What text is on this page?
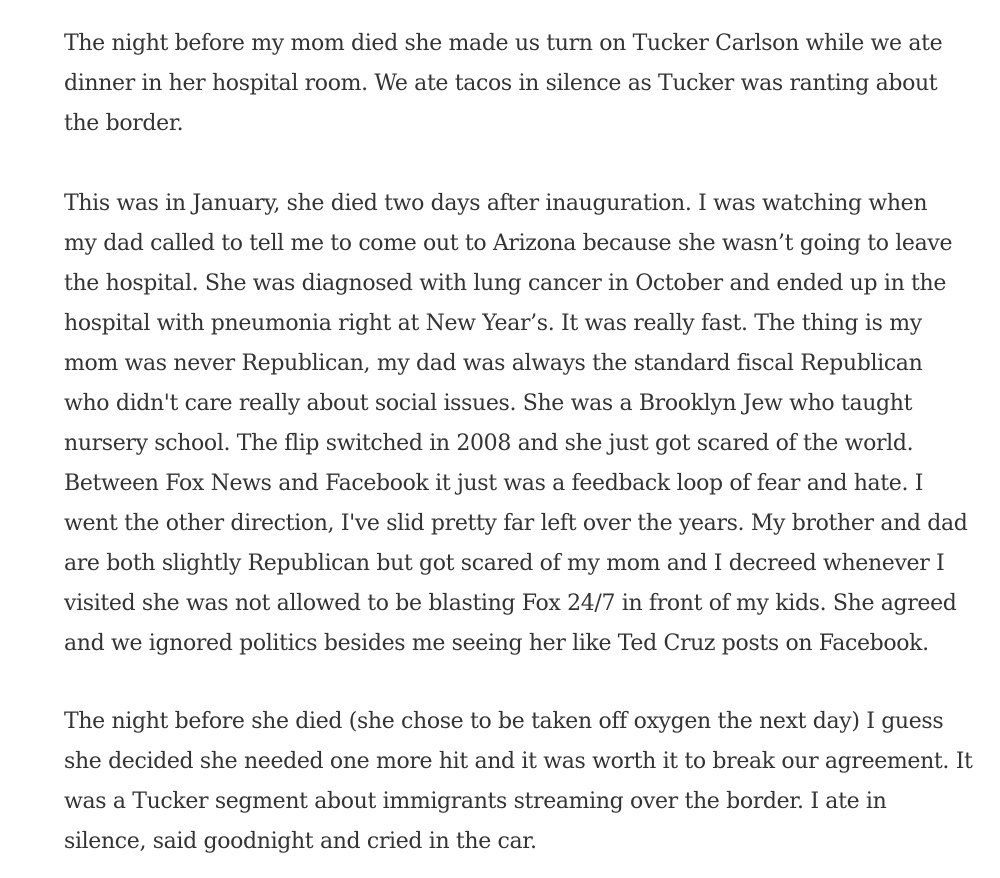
The night before my mom died she made us turn on Tucker Carlson while we ate
dinner in her hospital room. We ate tacos in silence as Tucker was ranting about
the border.

This was in January, she died two days after inauguration. I was watching when
my dad called to tell me to come out to Arizona because she wasn’t going to leave
the hospital. She was diagnosed with lung cancer in October and ended up in the
hospital with pneumonia right at New Year’s. It was really fast. The thing is my
mom was never Republican, my dad was always the standard fiscal Republican
who didn't care really about social issues. She was a Brooklyn Jew who taught
nursery school. The flip switched in 2008 and she just got scared of the world.
Between Fox News and Facebook it just was a feedback loop of fear and hate. I
went the other direction, I've slid pretty far left over the years. My brother and dad
are both slightly Republican but got scared of my mom and I decreed whenever I
visited she was not allowed to be blasting Fox 24/7 in front of my kids. She agreed
and we ignored politics besides me seeing her like Ted Cruz posts on Facebook.

The night before she died (she chose to be taken off oxygen the next day) I guess
she decided she needed one more hit and it was worth it to break our agreement. It
was a Tucker segment about immigrants streaming over the border. I ate in
silence, said goodnight and cried in the car.
